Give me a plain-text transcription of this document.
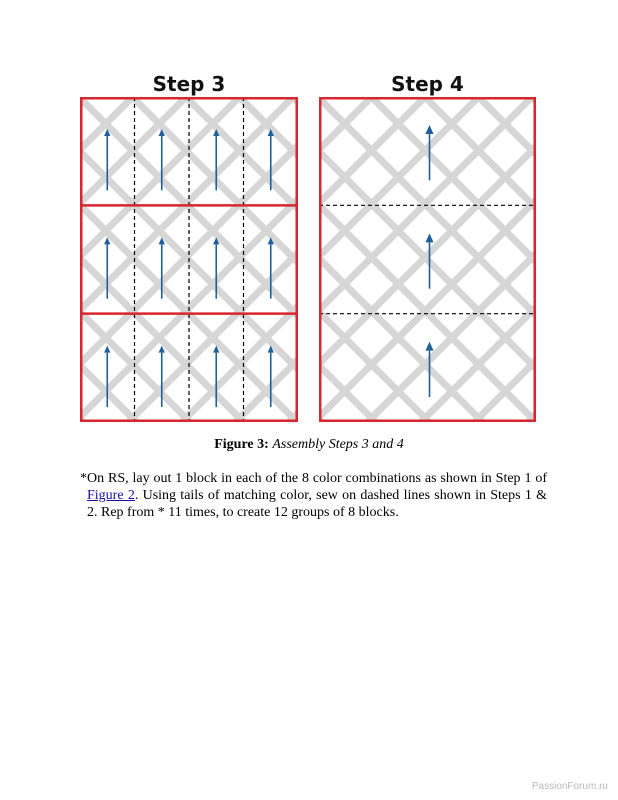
Step 3	Step 4
Figure 3: Assembly Steps 3 and 4

*On RS, lay out 1 block in each of the 8 color combinations as shown in Step 1 of Figure 2. Using tails of matching color, sew on dashed lines shown in Steps 1 & 2. Rep from * 11 times, to create 12 groups of 8 blocks.

PassionForum.ru
